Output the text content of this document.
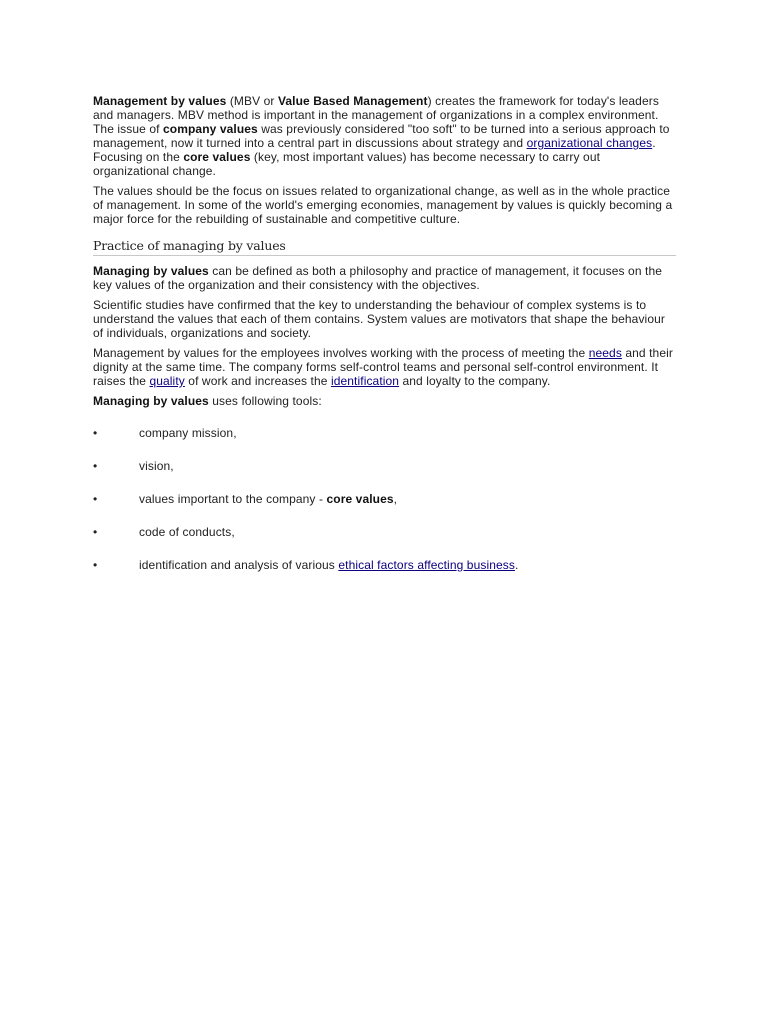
Management by values (MBV or Value Based Management) creates the framework for today's leaders and managers. MBV method is important in the management of organizations in a complex environment. The issue of company values was previously considered "too soft" to be turned into a serious approach to management, now it turned into a central part in discussions about strategy and organizational changes. Focusing on the core values (key, most important values) has become necessary to carry out organizational change.

The values should be the focus on issues related to organizational change, as well as in the whole practice of management. In some of the world's emerging economies, management by values is quickly becoming a major force for the rebuilding of sustainable and competitive culture.

Practice of managing by values

Managing by values can be defined as both a philosophy and practice of management, it focuses on the key values of the organization and their consistency with the objectives.

Scientific studies have confirmed that the key to understanding the behaviour of complex systems is to understand the values that each of them contains. System values are motivators that shape the behaviour of individuals, organizations and society.

Management by values for the employees involves working with the process of meeting the needs and their dignity at the same time. The company forms self-control teams and personal self-control environment. It raises the quality of work and increases the identification and loyalty to the company.

Managing by values uses following tools:

•	company mission,
•	vision,
•	values important to the company - core values,
•	code of conducts,
•	identification and analysis of various ethical factors affecting business.
